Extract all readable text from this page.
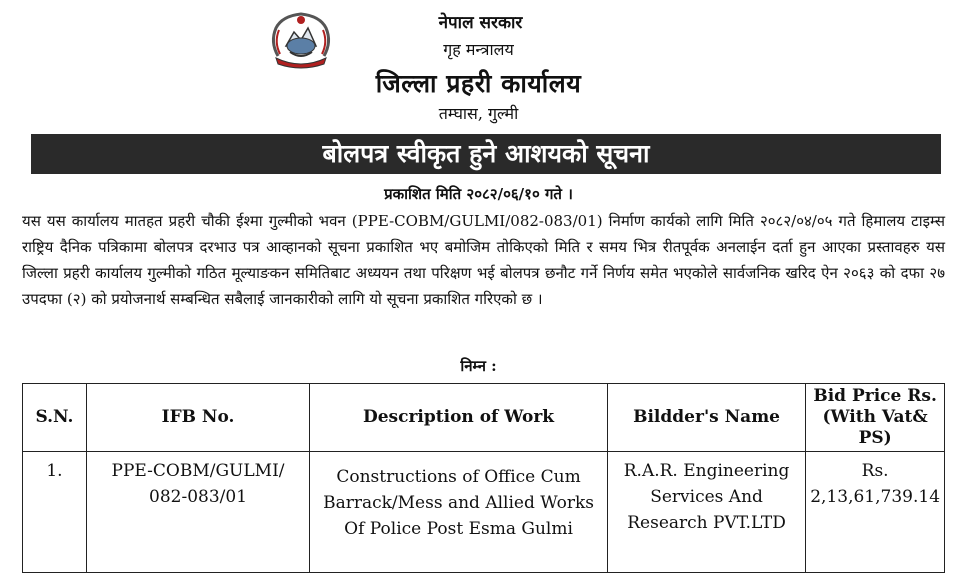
नेपाल सरकार
गृह मन्त्रालय
जिल्ला प्रहरी कार्यालय
तम्घास, गुल्मी
बोलपत्र स्वीकृत हुने आशयको सूचना
प्रकाशित मिति २०८२/०६/१० गते ।

यस यस कार्यालय मातहत प्रहरी चौकी ईश्मा गुल्मीको भवन (PPE-COBM/GULMI/082-083/01) निर्माण कार्यको लागि मिति २०८२/०४/०५ गते हिमालय टाइम्स राष्ट्रिय दैनिक पत्रिकामा बोलपत्र दरभाउ पत्र आव्हानको सूचना प्रकाशित भए बमोजिम तोकिएको मिति र समय भित्र रीतपूर्वक अनलाईन दर्ता हुन आएका प्रस्तावहरु यस जिल्ला प्रहरी कार्यालय गुल्मीको गठित मूल्याङकन समितिबाट अध्ययन तथा परिक्षण भई बोलपत्र छनौट गर्ने निर्णय समेत भएकोले सार्वजनिक खरिद ऐन २०६३ को दफा २७ उपदफा (२) को प्रयोजनार्थ सम्बन्धित सबैलाई जानकारीको लागि यो सूचना प्रकाशित गरिएको छ ।

निम्न :
S.N.	IFB No.	Description of Work	Bildder's Name	Bid Price Rs.
(With Vat& PS)
1.	PPE-COBM/GULMI/
082-083/01	Constructions of Office Cum
Barrack/Mess and Allied Works
Of Police Post Esma Gulmi	R.A.R. Engineering
Services And
Research PVT.LTD	Rs. 2,13,61,739.14
